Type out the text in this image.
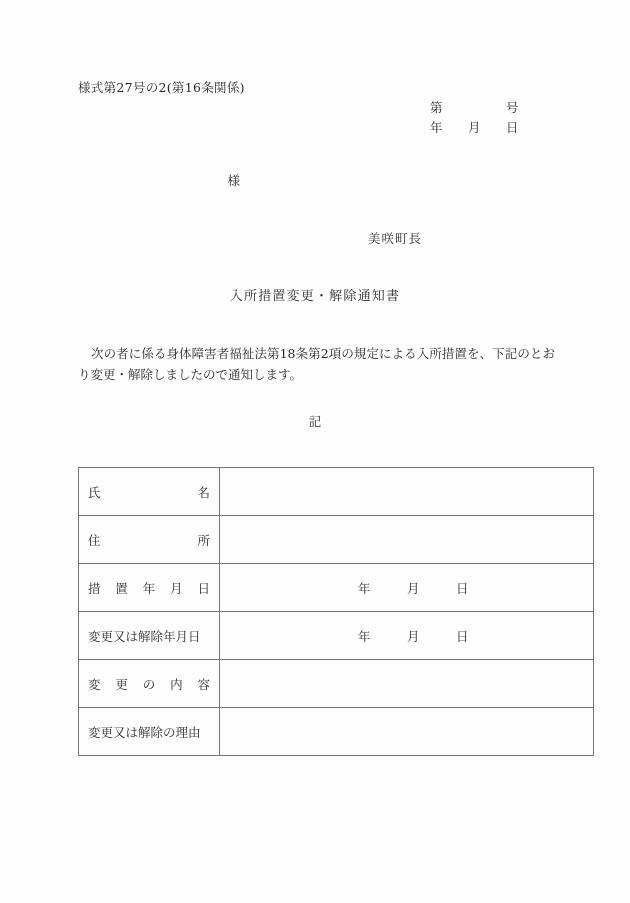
様式第27号の2(第16条関係)
第	号
年 月 日
様
美咲町長
入所措置変更・解除通知書
次の者に係る身体障害者福祉法第18条第2項の規定による入所措置を、下記のとおり変更・解除しましたので通知します。
記
氏名	

住所	

措置年月日	年 月 日

変更又は解除年月日	年 月 日

変更の内容	

変更又は解除の理由	
